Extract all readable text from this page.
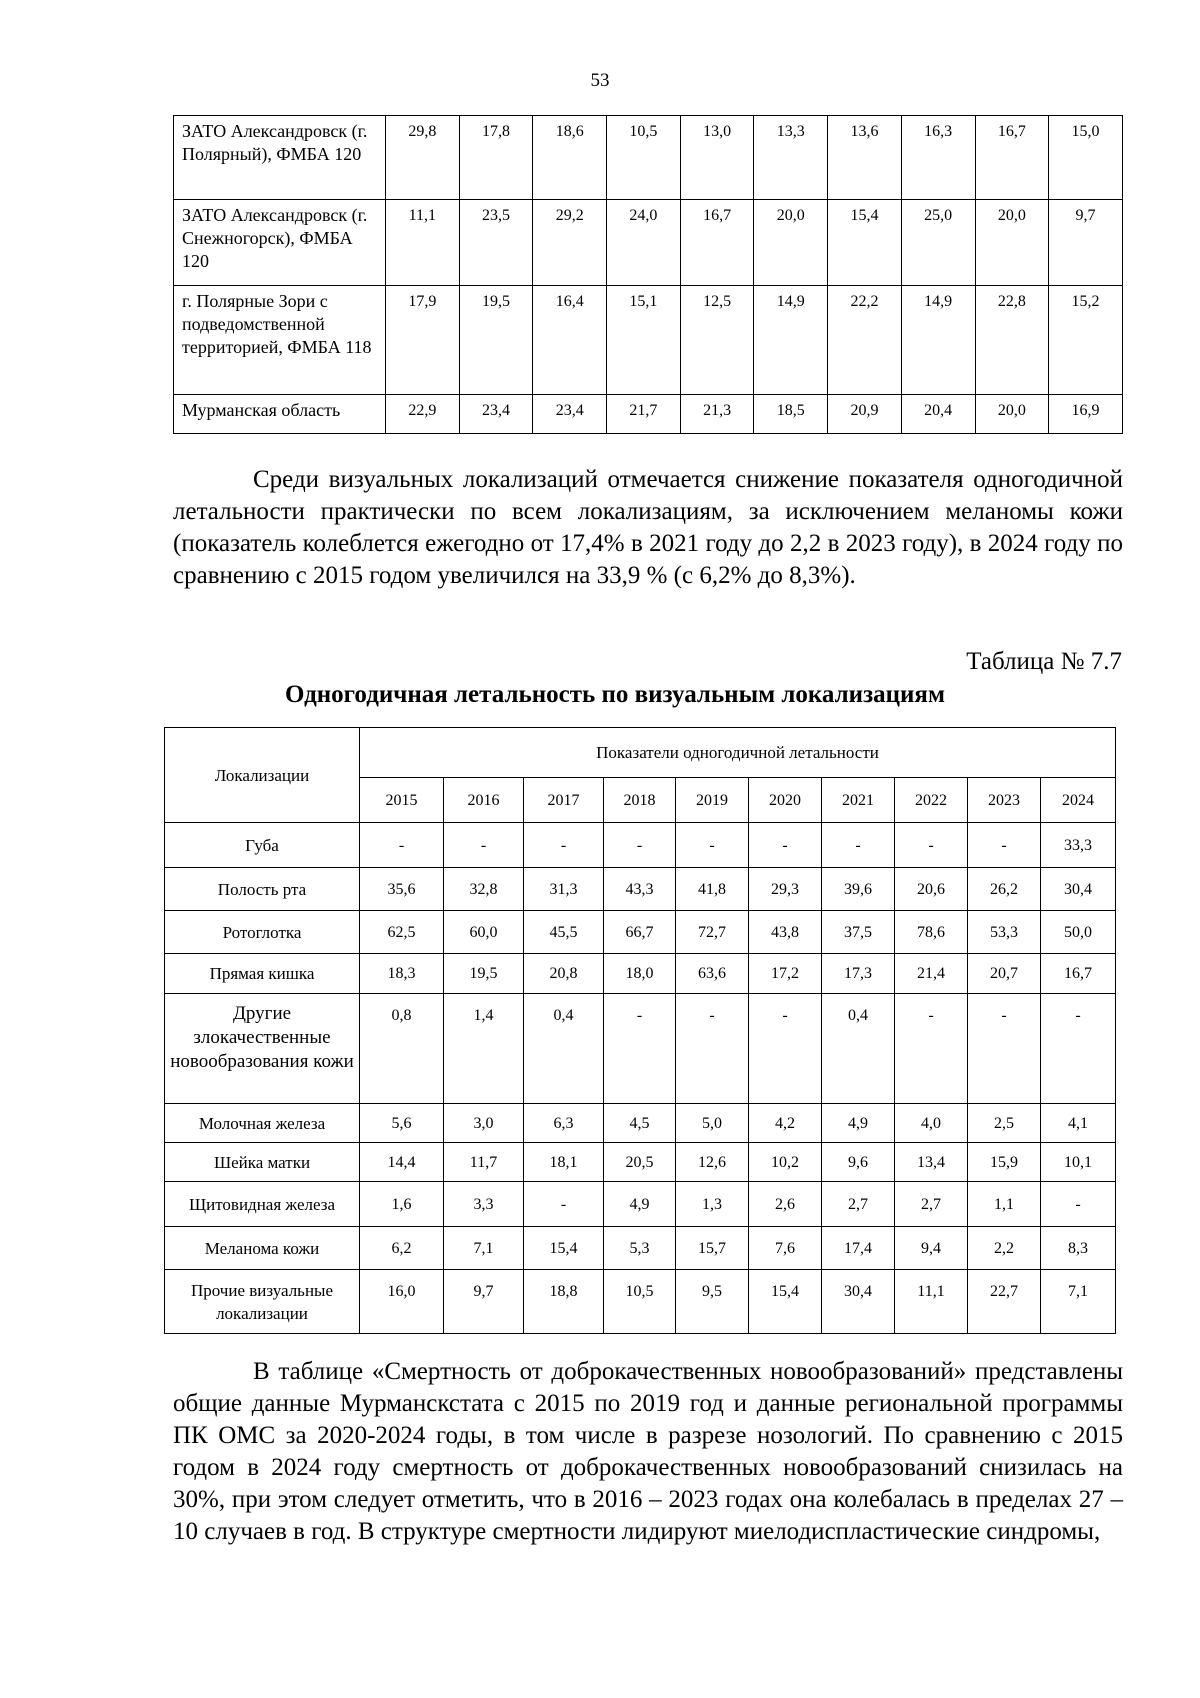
53
ЗАТО Александровск (г. Полярный), ФМБА 120	29,8	17,8	18,6	10,5	13,0	13,3	13,6	16,3	16,7	15,0
ЗАТО Александровск (г. Снежногорск), ФМБА 120	11,1	23,5	29,2	24,0	16,7	20,0	15,4	25,0	20,0	9,7
г. Полярные Зори с подведомственной территорией, ФМБА 118	17,9	19,5	16,4	15,1	12,5	14,9	22,2	14,9	22,8	15,2
Мурманская область	22,9	23,4	23,4	21,7	21,3	18,5	20,9	20,4	20,0	16,9

Среди визуальных локализаций отмечается снижение показателя одногодичной летальности практически по всем локализациям, за исключением меланомы кожи (показатель колеблется ежегодно от 17,4% в 2021 году до 2,2 в 2023 году), в 2024 году по сравнению с 2015 годом увеличился на 33,9 % (с 6,2% до 8,3%).

Таблица № 7.7
Одногодичная летальность по визуальным локализациям
Локализации	Показатели одногодичной летальности									
	2015	2016	2017	2018	2019	2020	2021	2022	2023	2024
Губа	-	-	-	-	-	-	-	-	-	33,3
Полость рта	35,6	32,8	31,3	43,3	41,8	29,3	39,6	20,6	26,2	30,4
Ротоглотка	62,5	60,0	45,5	66,7	72,7	43,8	37,5	78,6	53,3	50,0
Прямая кишка	18,3	19,5	20,8	18,0	63,6	17,2	17,3	21,4	20,7	16,7
Другие злокачественные новообразования кожи	0,8	1,4	0,4	-	-	-	0,4	-	-	-
Молочная железа	5,6	3,0	6,3	4,5	5,0	4,2	4,9	4,0	2,5	4,1
Шейка матки	14,4	11,7	18,1	20,5	12,6	10,2	9,6	13,4	15,9	10,1
Щитовидная железа	1,6	3,3	-	4,9	1,3	2,6	2,7	2,7	1,1	-
Меланома кожи	6,2	7,1	15,4	5,3	15,7	7,6	17,4	9,4	2,2	8,3
Прочие визуальные локализации	16,0	9,7	18,8	10,5	9,5	15,4	30,4	11,1	22,7	7,1

В таблице «Смертность от доброкачественных новообразований» представлены общие данные Мурманскстата с 2015 по 2019 год и данные региональной программы ПК ОМС за 2020-2024 годы, в том числе в разрезе нозологий. По сравнению с 2015 годом в 2024 году смертность от доброкачественных новообразований снизилась на 30%, при этом следует отметить, что в 2016 – 2023 годах она колебалась в пределах 27 – 10 случаев в год. В структуре смертности лидируют миелодиспластические синдромы,
